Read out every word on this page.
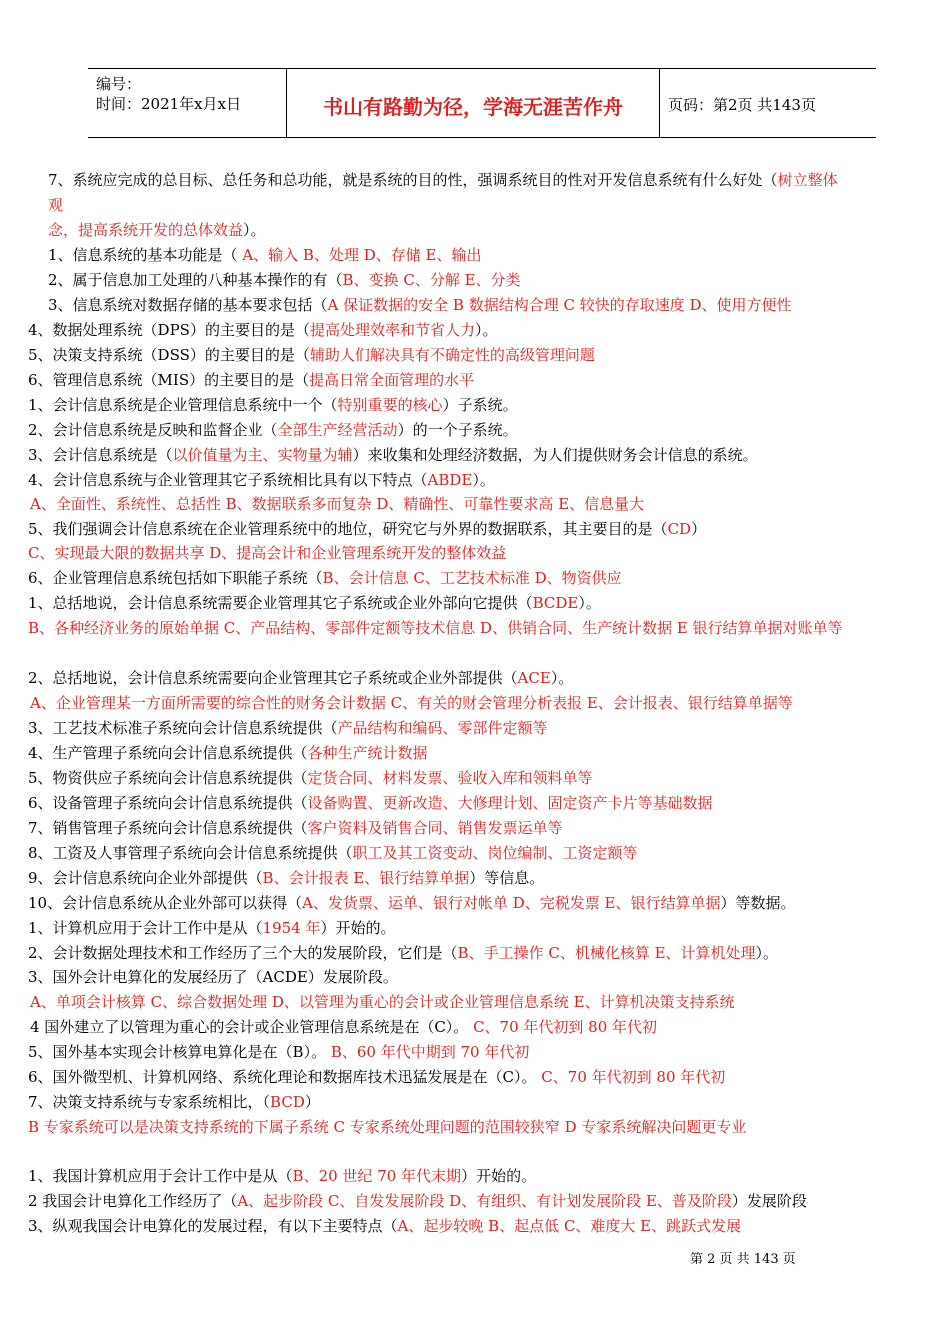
编号：
时间：2021年x月x日	书山有路勤为径，学海无涯苦作舟	页码：第2页 共143页
7、系统应完成的总目标、总任务和总功能，就是系统的目的性，强调系统目的性对开发信息系统有什么好处（树立整体
观
念，提高系统开发的总体效益）。
1、信息系统的基本功能是（ A、输入 B、处理 D、存储 E、输出
2、属于信息加工处理的八种基本操作的有（B、变换 C、分解 E、分类
3、信息系统对数据存储的基本要求包括（A 保证数据的安全 B 数据结构合理 C 较快的存取速度 D、使用方便性
4、数据处理系统（DPS）的主要目的是（提高处理效率和节省人力）。
5、决策支持系统（DSS）的主要目的是（辅助人们解决具有不确定性的高级管理问题
6、管理信息系统（MIS）的主要目的是（提高日常全面管理的水平
1、会计信息系统是企业管理信息系统中一个（特别重要的核心）子系统。
2、会计信息系统是反映和监督企业（全部生产经营活动）的一个子系统。
3、会计信息系统是（以价值量为主、实物量为辅）来收集和处理经济数据，为人们提供财务会计信息的系统。
4、会计信息系统与企业管理其它子系统相比具有以下特点（ABDE）。
A、全面性、系统性、总括性 B、数据联系多而复杂 D、精确性、可靠性要求高 E、信息量大
5、我们强调会计信息系统在企业管理系统中的地位，研究它与外界的数据联系，其主要目的是（CD）
C、实现最大限的数据共享 D、提高会计和企业管理系统开发的整体效益
6、企业管理信息系统包括如下职能子系统（B、会计信息 C、工艺技术标准 D、物资供应
1、总括地说，会计信息系统需要企业管理其它子系统或企业外部向它提供（BCDE）。
B、各种经济业务的原始单据 C、产品结构、零部件定额等技术信息 D、供销合同、生产统计数据 E 银行结算单据对账单等
2、总括地说，会计信息系统需要向企业管理其它子系统或企业外部提供（ACE）。
A、企业管理某一方面所需要的综合性的财务会计数据 C、有关的财会管理分析表报 E、会计报表、银行结算单据等
3、工艺技术标准子系统向会计信息系统提供（产品结构和编码、零部件定额等
4、生产管理子系统向会计信息系统提供（各种生产统计数据
5、物资供应子系统向会计信息系统提供（定货合同、材料发票、验收入库和领料单等
6、设备管理子系统向会计信息系统提供（设备购置、更新改造、大修理计划、固定资产卡片等基础数据
7、销售管理子系统向会计信息系统提供（客户资料及销售合同、销售发票运单等
8、工资及人事管理子系统向会计信息系统提供（职工及其工资变动、岗位编制、工资定额等
9、会计信息系统向企业外部提供（B、会计报表 E、银行结算单据）等信息。
10、会计信息系统从企业外部可以获得（A、发货票、运单、银行对帐单 D、完税发票 E、银行结算单据）等数据。
1、计算机应用于会计工作中是从（1954 年）开始的。
2、会计数据处理技术和工作经历了三个大的发展阶段，它们是（B、手工操作 C、机械化核算 E、计算机处理）。
3、国外会计电算化的发展经历了（ACDE）发展阶段。
A、单项会计核算 C、综合数据处理 D、以管理为重心的会计或企业管理信息系统 E、计算机决策支持系统
4 国外建立了以管理为重心的会计或企业管理信息系统是在（C）。 C、70 年代初到 80 年代初
5、国外基本实现会计核算电算化是在（B）。 B、60 年代中期到 70 年代初
6、国外微型机、计算机网络、系统化理论和数据库技术迅猛发展是在（C）。 C、70 年代初到 80 年代初
7、决策支持系统与专家系统相比，（BCD）
B 专家系统可以是决策支持系统的下属子系统 C 专家系统处理问题的范围较狭窄 D 专家系统解决问题更专业
1、我国计算机应用于会计工作中是从（B、20 世纪 70 年代末期）开始的。
2 我国会计电算化工作经历了（A、起步阶段 C、自发发展阶段 D、有组织、有计划发展阶段 E、普及阶段）发展阶段
3、纵观我国会计电算化的发展过程，有以下主要特点（A、起步较晚 B、起点低 C、难度大 E、跳跃式发展
第 2 页 共 143 页
